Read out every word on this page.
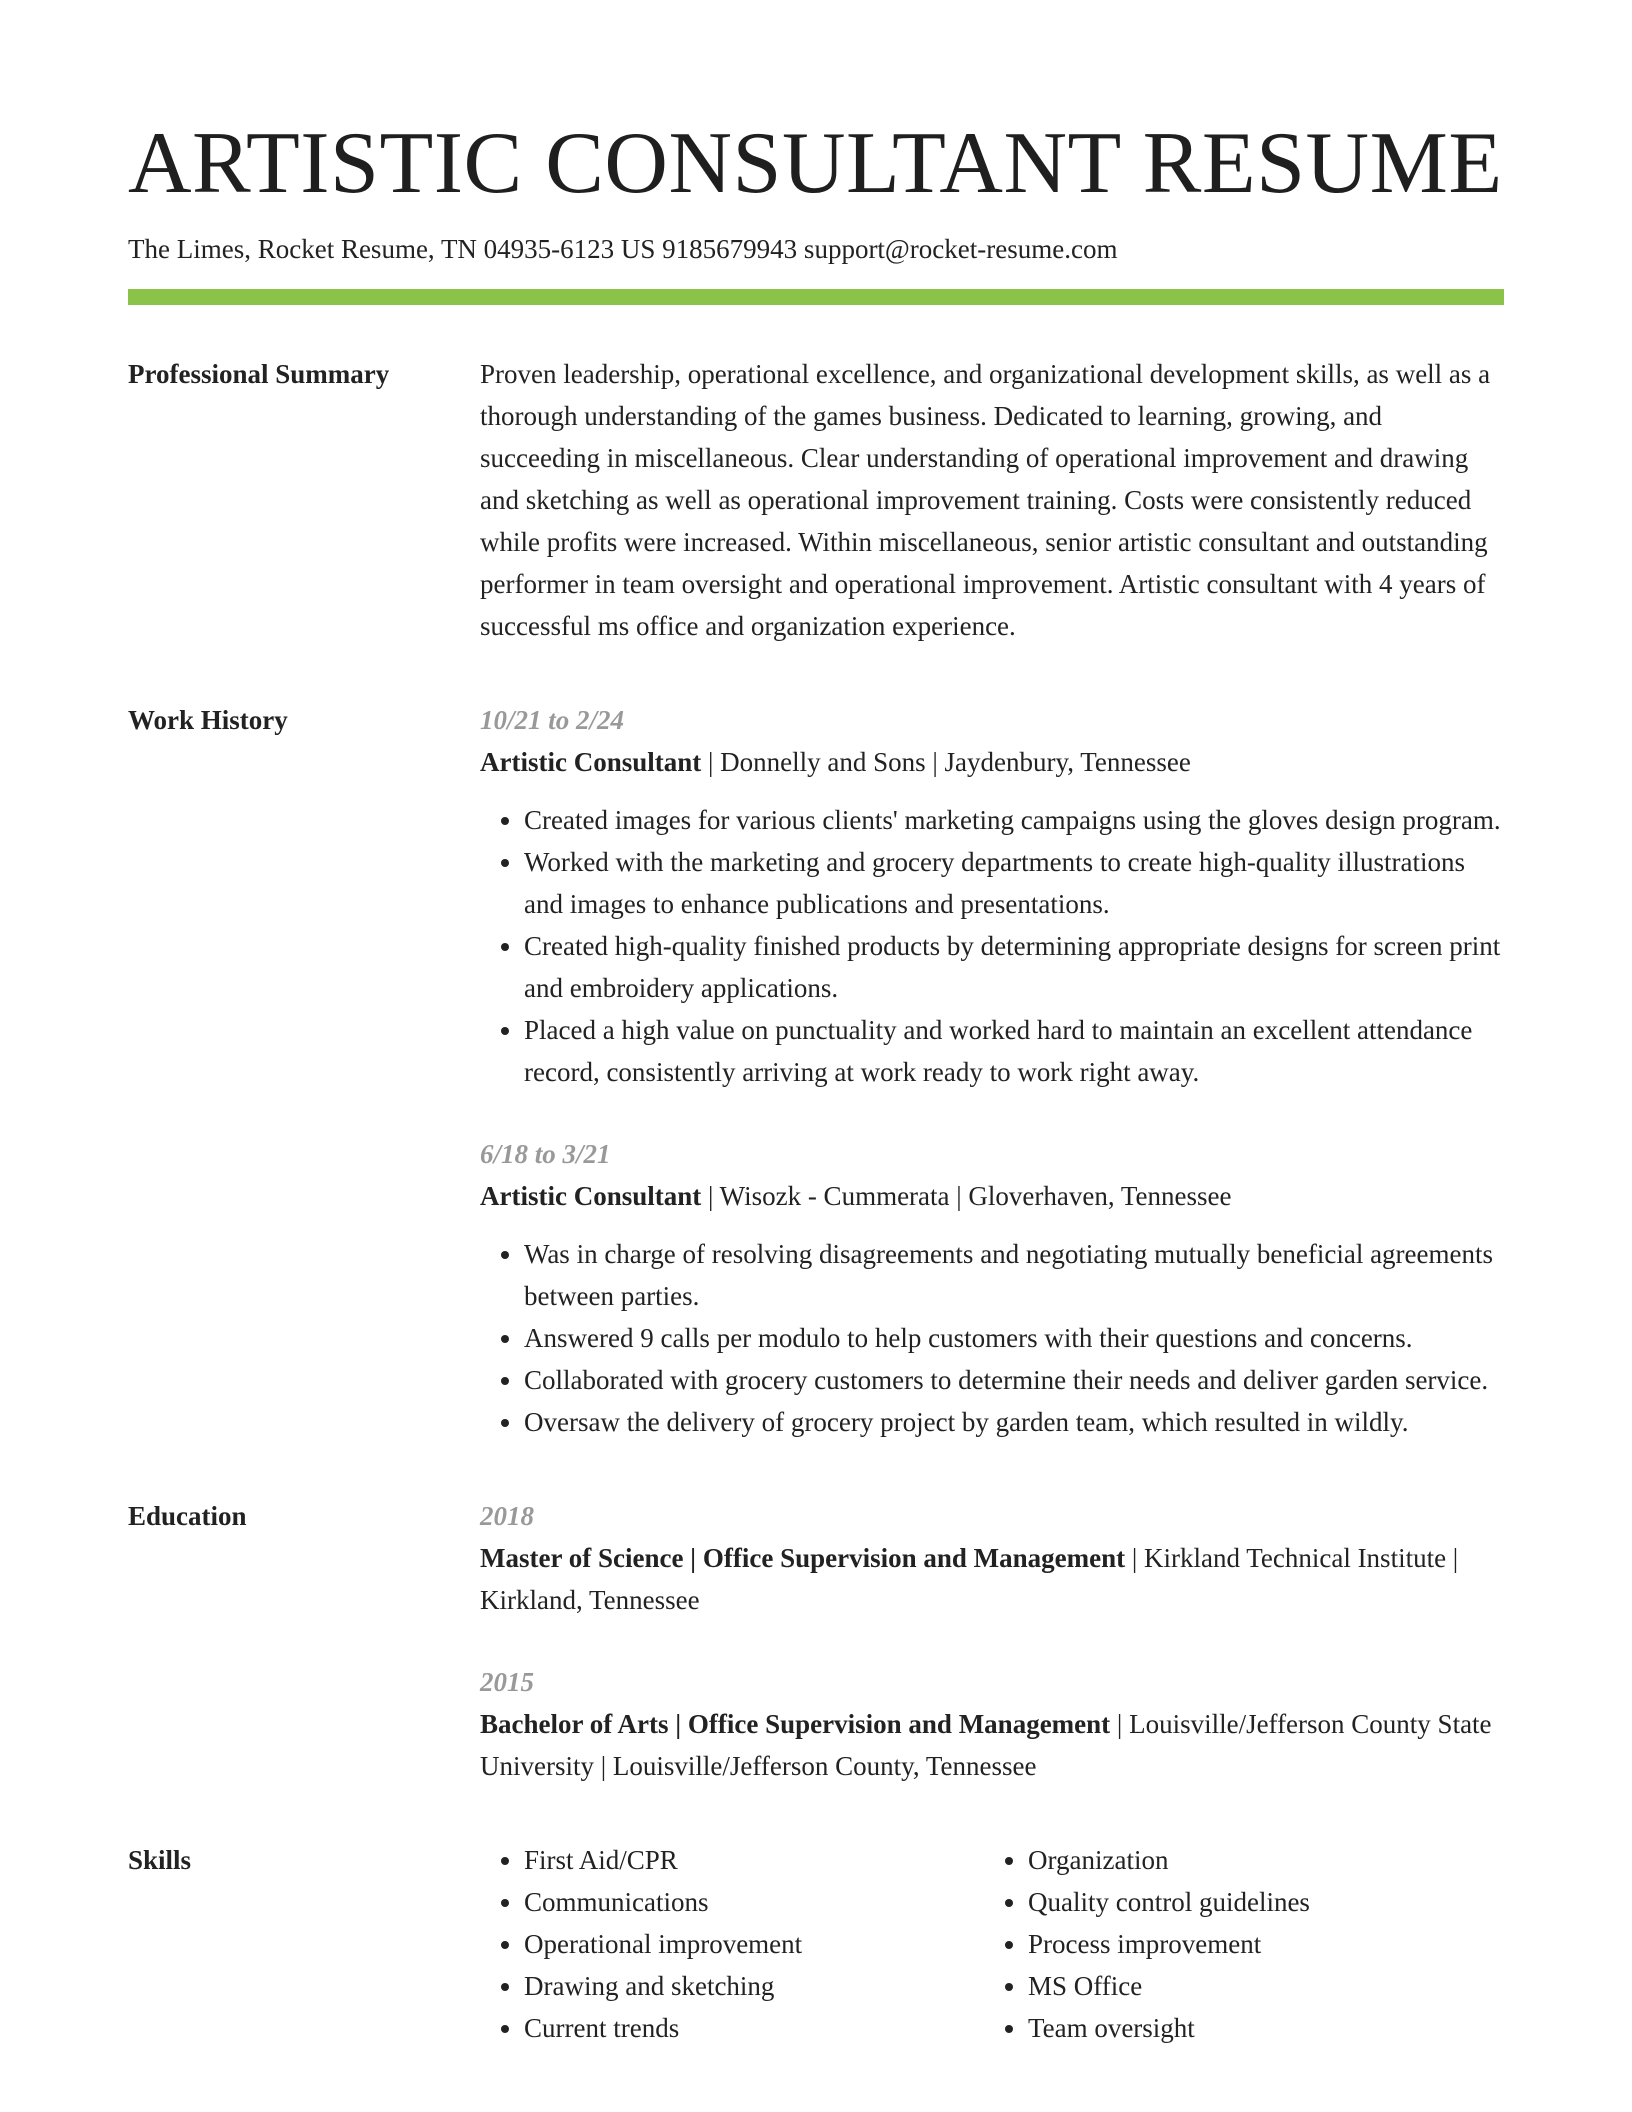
ARTISTIC CONSULTANT RESUME
The Limes, Rocket Resume, TN 04935-6123 US 9185679943 support@rocket-resume.com
Professional Summary	Proven leadership, operational excellence, and organizational development skills, as well as a thorough understanding of the games business. Dedicated to learning, growing, and succeeding in miscellaneous. Clear understanding of operational improvement and drawing and sketching as well as operational improvement training. Costs were consistently reduced while profits were increased. Within miscellaneous, senior artistic consultant and outstanding performer in team oversight and operational improvement. Artistic consultant with 4 years of successful ms office and organization experience.

Work History	10/21 to 2/24
Artistic Consultant | Donnelly and Sons | Jaydenbury, Tennessee
• Created images for various clients' marketing campaigns using the gloves design program.
• Worked with the marketing and grocery departments to create high-quality illustrations and images to enhance publications and presentations.
• Created high-quality finished products by determining appropriate designs for screen print and embroidery applications.
• Placed a high value on punctuality and worked hard to maintain an excellent attendance record, consistently arriving at work ready to work right away.
6/18 to 3/21
Artistic Consultant | Wisozk - Cummerata | Gloverhaven, Tennessee
• Was in charge of resolving disagreements and negotiating mutually beneficial agreements between parties.
• Answered 9 calls per modulo to help customers with their questions and concerns.
• Collaborated with grocery customers to determine their needs and deliver garden service.
• Oversaw the delivery of grocery project by garden team, which resulted in wildly.
Education	2018
Master of Science | Office Supervision and Management | Kirkland Technical Institute | Kirkland, Tennessee
2015
Bachelor of Arts | Office Supervision and Management | Louisville/Jefferson County State University | Louisville/Jefferson County, Tennessee
Skills
•	First Aid/CPR
• Communications
• Operational improvement
• Drawing and sketching
• Current trends
• Organization
• Quality control guidelines
• Process improvement
• MS Office
• Team oversight
